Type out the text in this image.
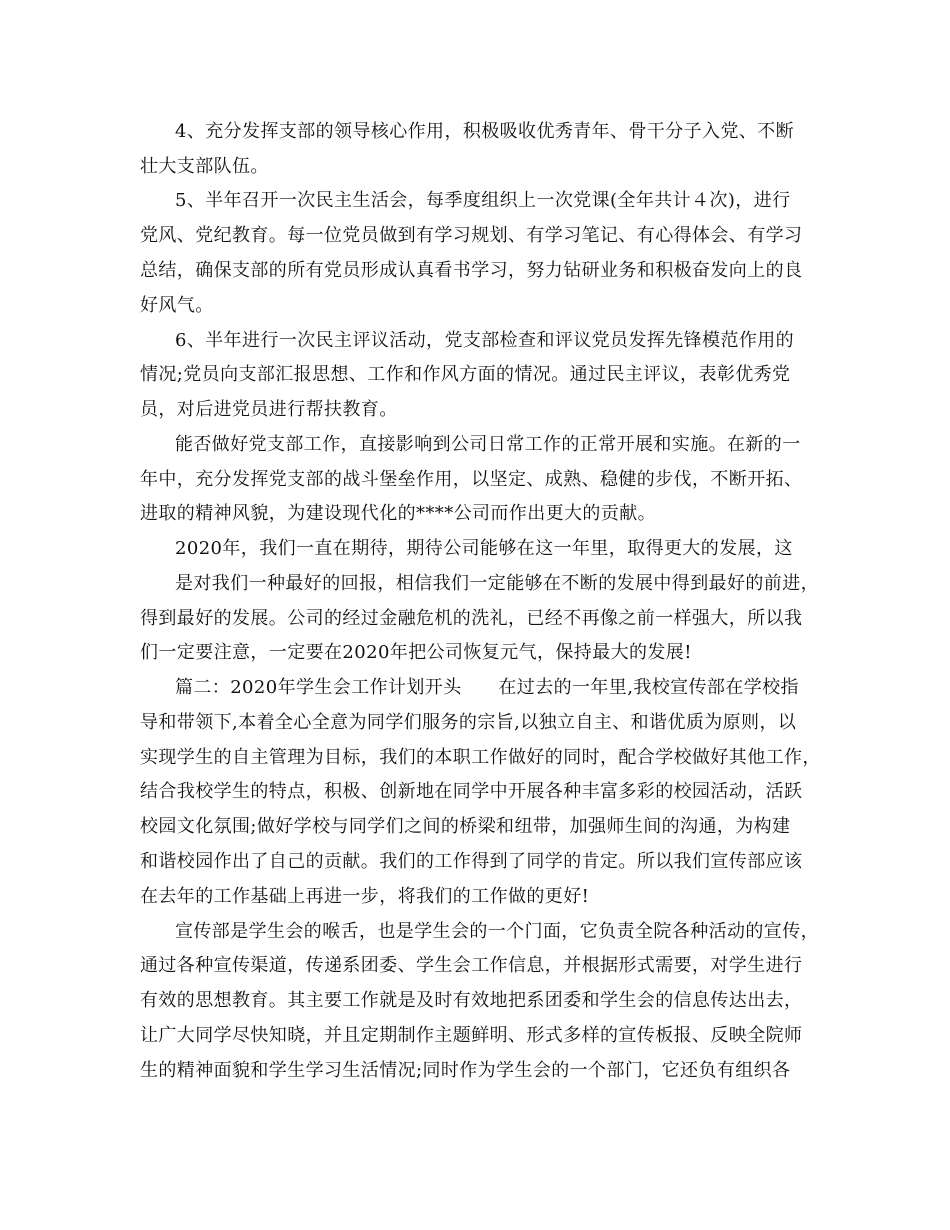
4、充分发挥支部的领导核心作用，积极吸收优秀青年、骨干分子入党、不断

壮大支部队伍。

5、半年召开一次民主生活会，每季度组织上一次党课(全年共计４次)，进行

党风、党纪教育。每一位党员做到有学习规划、有学习笔记、有心得体会、有学习

总结，确保支部的所有党员形成认真看书学习，努力钻研业务和积极奋发向上的良

好风气。

6、半年进行一次民主评议活动，党支部检查和评议党员发挥先锋模范作用的

情况;党员向支部汇报思想、工作和作风方面的情况。通过民主评议，表彰优秀党

员，对后进党员进行帮扶教育。

能否做好党支部工作，直接影响到公司日常工作的正常开展和实施。在新的一

年中，充分发挥党支部的战斗堡垒作用，以坚定、成熟、稳健的步伐，不断开拓、

进取的精神风貌，为建设现代化的****公司而作出更大的贡献。

2020年，我们一直在期待，期待公司能够在这一年里，取得更大的发展，这

是对我们一种最好的回报，相信我们一定能够在不断的发展中得到最好的前进，

得到最好的发展。公司的经过金融危机的洗礼，已经不再像之前一样强大，所以我

们一定要注意，一定要在2020年把公司恢复元气，保持最大的发展!

篇二：2020年学生会工作计划开头　　在过去的一年里,我校宣传部在学校指

导和带领下,本着全心全意为同学们服务的宗旨,以独立自主、和谐优质为原则，以

实现学生的自主管理为目标，我们的本职工作做好的同时，配合学校做好其他工作，

结合我校学生的特点，积极、创新地在同学中开展各种丰富多彩的校园活动，活跃

校园文化氛围;做好学校与同学们之间的桥梁和纽带，加强师生间的沟通，为构建

和谐校园作出了自己的贡献。我们的工作得到了同学的肯定。所以我们宣传部应该

在去年的工作基础上再进一步，将我们的工作做的更好!

宣传部是学生会的喉舌，也是学生会的一个门面，它负责全院各种活动的宣传，

通过各种宣传渠道，传递系团委、学生会工作信息，并根据形式需要，对学生进行

有效的思想教育。其主要工作就是及时有效地把系团委和学生会的信息传达出去，

让广大同学尽快知晓，并且定期制作主题鲜明、形式多样的宣传板报、反映全院师

生的精神面貌和学生学习生活情况;同时作为学生会的一个部门，它还负有组织各
